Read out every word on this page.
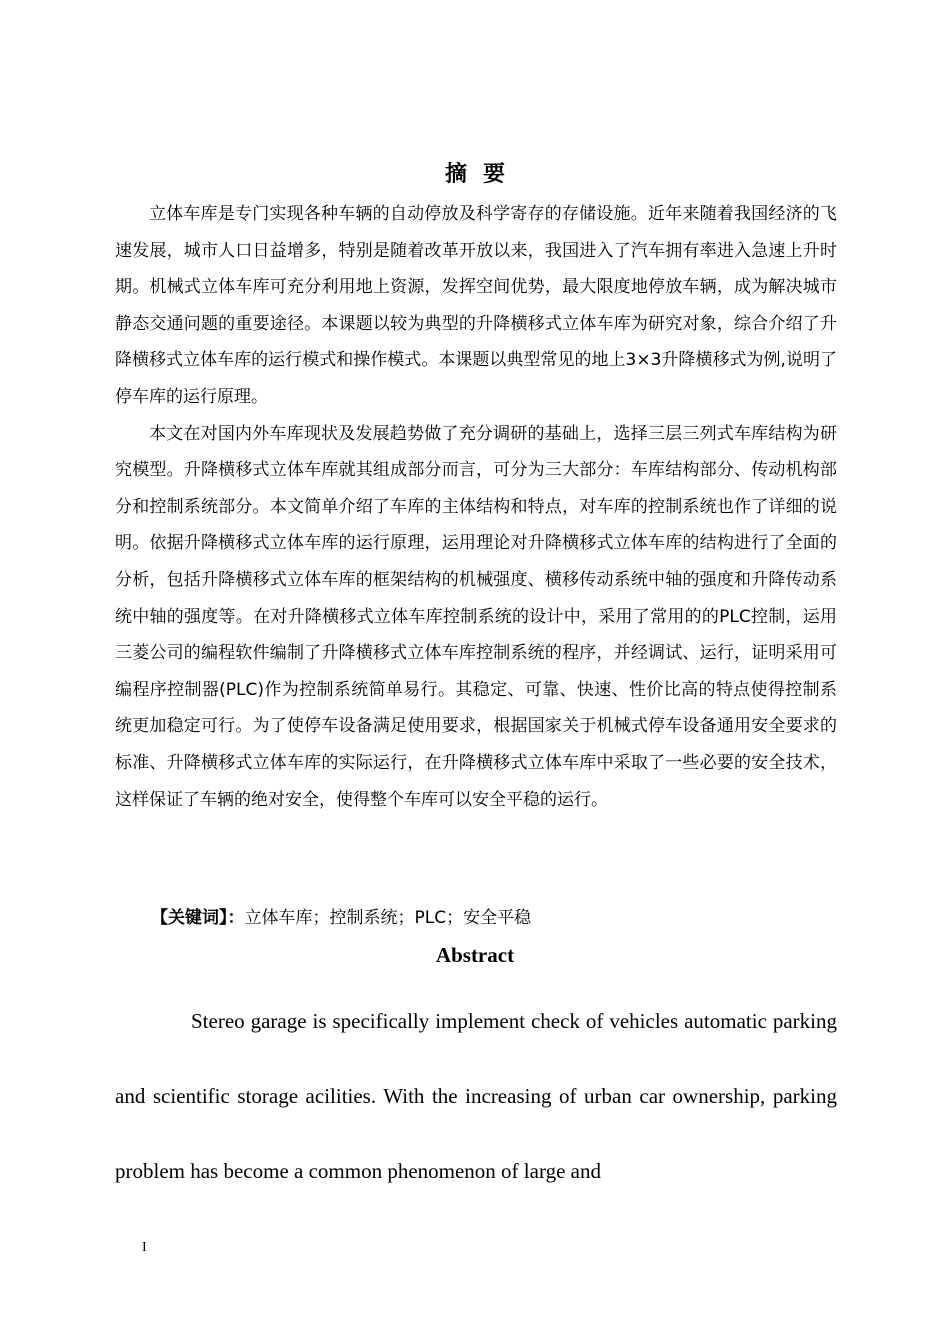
摘要

立体车库是专门实现各种车辆的自动停放及科学寄存的存储设施。近年来随着我国经济的飞速发展，城市人口日益增多，特别是随着改革开放以来，我国进入了汽车拥有率进入急速上升时期。机械式立体车库可充分利用地上资源，发挥空间优势，最大限度地停放车辆，成为解决城市静态交通问题的重要途径。本课题以较为典型的升降横移式立体车库为研究对象，综合介绍了升降横移式立体车库的运行模式和操作模式。本课题以典型常见的地上3×3升降横移式为例,说明了停车库的运行原理。

本文在对国内外车库现状及发展趋势做了充分调研的基础上，选择三层三列式车库结构为研究模型。升降横移式立体车库就其组成部分而言，可分为三大部分：车库结构部分、传动机构部分和控制系统部分。本文简单介绍了车库的主体结构和特点，对车库的控制系统也作了详细的说明。依据升降横移式立体车库的运行原理，运用理论对升降横移式立体车库的结构进行了全面的分析，包括升降横移式立体车库的框架结构的机械强度、横移传动系统中轴的强度和升降传动系统中轴的强度等。在对升降横移式立体车库控制系统的设计中，采用了常用的的PLC控制，运用三菱公司的编程软件编制了升降横移式立体车库控制系统的程序，并经调试、运行，证明采用可编程序控制器(PLC)作为控制系统简单易行。其稳定、可靠、快速、性价比高的特点使得控制系统更加稳定可行。为了使停车设备满足使用要求，根据国家关于机械式停车设备通用安全要求的标准、升降横移式立体车库的实际运行，在升降横移式立体车库中采取了一些必要的安全技术，这样保证了车辆的绝对安全，使得整个车库可以安全平稳的运行。

【关键词】：立体车库；控制系统；PLC；安全平稳
Abstract

Stereo garage is specifically implement check of vehicles automatic parking and scientific storage acilities. With the increasing of urban car ownership, parking problem has become a common phenomenon of large and

I
